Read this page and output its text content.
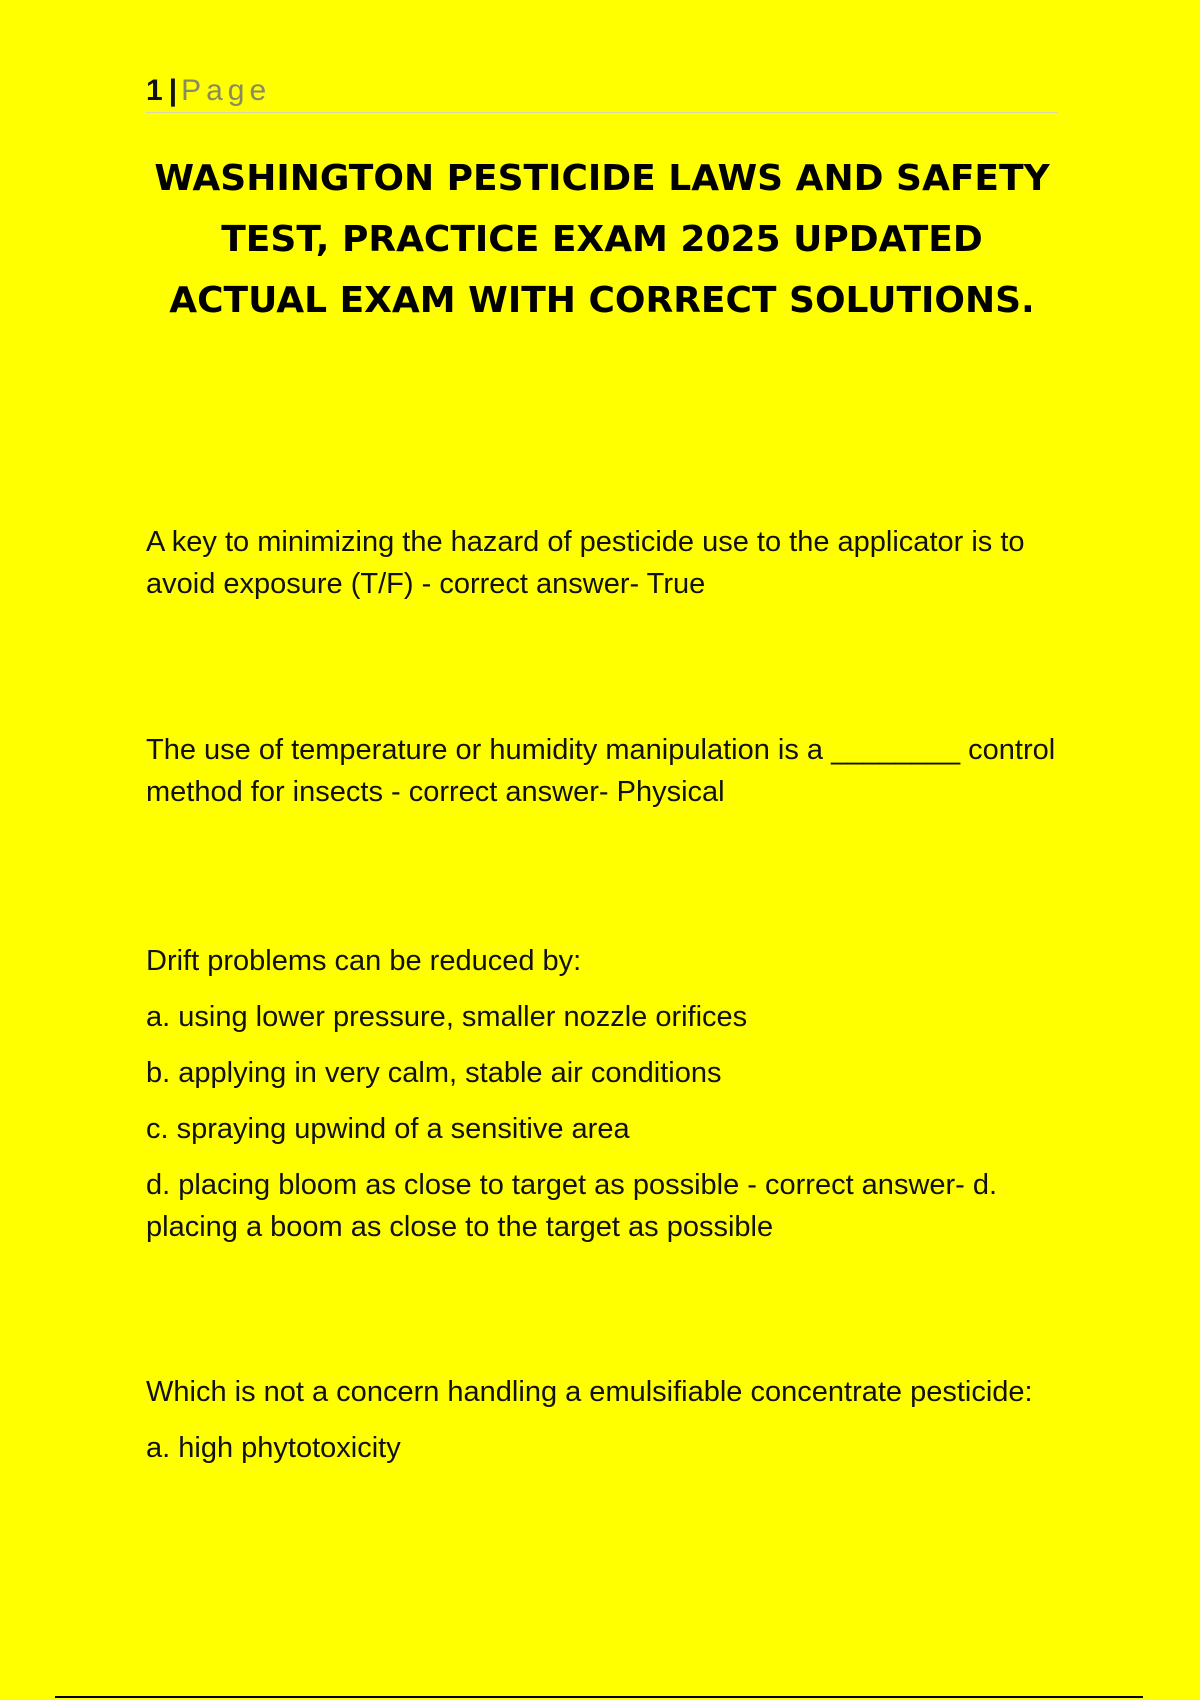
1 | Page
WASHINGTON PESTICIDE LAWS AND SAFETY TEST, PRACTICE EXAM 2025 UPDATED ACTUAL EXAM WITH CORRECT SOLUTIONS.

A key to minimizing the hazard of pesticide use to the applicator is to avoid exposure (T/F) - correct answer- True

The use of temperature or humidity manipulation is a ________ control method for insects - correct answer- Physical

Drift problems can be reduced by:

a. using lower pressure, smaller nozzle orifices

b. applying in very calm, stable air conditions

c. spraying upwind of a sensitive area

d. placing bloom as close to target as possible - correct answer- d. placing a boom as close to the target as possible

Which is not a concern handling a emulsifiable concentrate pesticide:

a. high phytotoxicity
